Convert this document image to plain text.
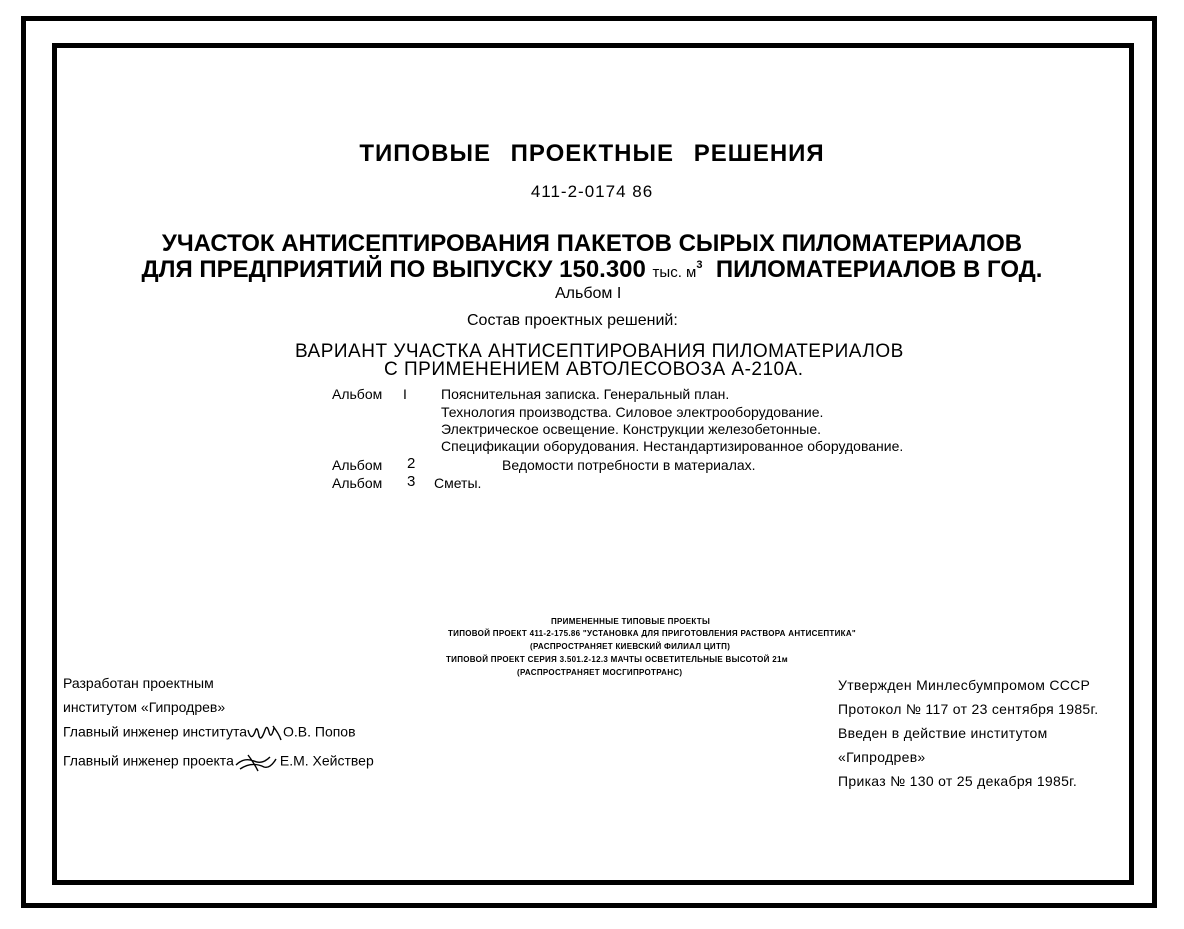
ТИПОВЫЕ ПРОЕКТНЫЕ РЕШЕНИЯ
411-2-0174 86
УЧАСТОК АНТИСЕПТИРОВАНИЯ ПАКЕТОВ СЫРЫХ ПИЛОМАТЕРИАЛОВ
ДЛЯ ПРЕДПРИЯТИЙ ПО ВЫПУСКУ 150.300 тыс. $м^3$ ПИЛОМАТЕРИАЛОВ В ГОД.
Альбом I
Состав проектных решений:
ВАРИАНТ УЧАСТКА АНТИСЕПТИРОВАНИЯ ПИЛОМАТЕРИАЛОВ
С ПРИМЕНЕНИЕМ АВТОЛЕСОВОЗА А-210А.
Альбом I Пояснительная записка. Генеральный план.
Технология производства. Силовое электрооборудование.
Электрическое освещение. Конструкции железобетонные.
Спецификации оборудования. Нестандартизированное оборудование.
Альбом 2	Ведомости потребности в материалах.
Альбом 3 Сметы.
ПРИМЕНЕННЫЕ ТИПОВЫЕ ПРОЕКТЫ
ТИПОВОЙ ПРОЕКТ 411-2-175.86 "УСТАНОВКА ДЛЯ ПРИГОТОВЛЕНИЯ РАСТВОРА АНТИСЕПТИКА"
(РАСПРОСТРАНЯЕТ КИЕВСКИЙ ФИЛИАЛ ЦИТП)
ТИПОВОЙ ПРОЕКТ СЕРИЯ 3.501.2-12.3 МАЧТЫ ОСВЕТИТЕЛЬНЫЕ ВЫСОТОЙ 21м
(РАСПРОСТРАНЯЕТ МОСГИПРОТРАНС)
Разработан проектным
институтом «Гипродрев»
Главный инженер института	О.В. Попов
Главный инженер проекта	Е.М. Хействер
Утвержден Минлесбумпромом СССР
Протокол № 117 от 23 сентября 1985г.
Введен в действие институтом
«Гипродрев»
Приказ № 130 от 25 декабря 1985г.
